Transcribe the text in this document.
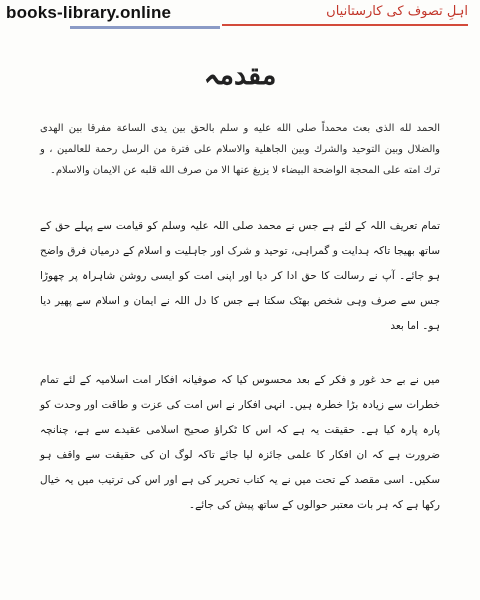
books-library.online	اہلِ تصوف کی کارستانیاں
مقدمہ
الحمد لله الذی بعث محمداً صلی الله علیه و سلم بالحق بین یدی الساعة مفرقا بین الهدی والضلال وبین التوحید والشرك وبین الجاهلية والاسلام علی فترة من الرسل رحمة للعالمين ، و ترك امته علی المحجة الواضحة البيضاء لا يزيغ عنها الا من صرف الله قلبه عن الايمان والاسلام۔
تمام تعریف اللہ کے لئے ہے جس نے محمد صلی اللہ علیہ وسلم کو قیامت سے پہلے حق کے ساتھ بھیجا تاکہ ہدایت و گمراہی، توحید و شرک اور جاہلیت و اسلام کے درمیان فرق واضح ہو جائے۔ آپ نے رسالت کا حق ادا کر دیا اور اپنی امت کو ایسی روشن شاہراہ پر چھوڑا جس سے صرف وہی شخص بھٹک سکتا ہے جس کا دل اللہ نے ایمان و اسلام سے پھیر دیا ہو۔ اما بعد
میں نے بے حد غور و فکر کے بعد محسوس کیا کہ صوفیانہ افکار امت اسلامیہ کے لئے تمام خطرات سے زیادہ بڑا خطرہ ہیں۔ انہی افکار نے اس امت کی عزت و طاقت اور وحدت کو پارہ پارہ کیا ہے۔ حقیقت یہ ہے کہ اس کا ٹکراؤ صحیح اسلامی عقیدے سے ہے، چنانچہ ضرورت ہے کہ ان افکار کا علمی جائزہ لیا جائے تاکہ لوگ ان کی حقیقت سے واقف ہو سکیں۔ اسی مقصد کے تحت میں نے یہ کتاب تحریر کی ہے اور اس کی ترتیب میں یہ خیال رکھا ہے کہ ہر بات معتبر حوالوں کے ساتھ پیش کی جائے۔
